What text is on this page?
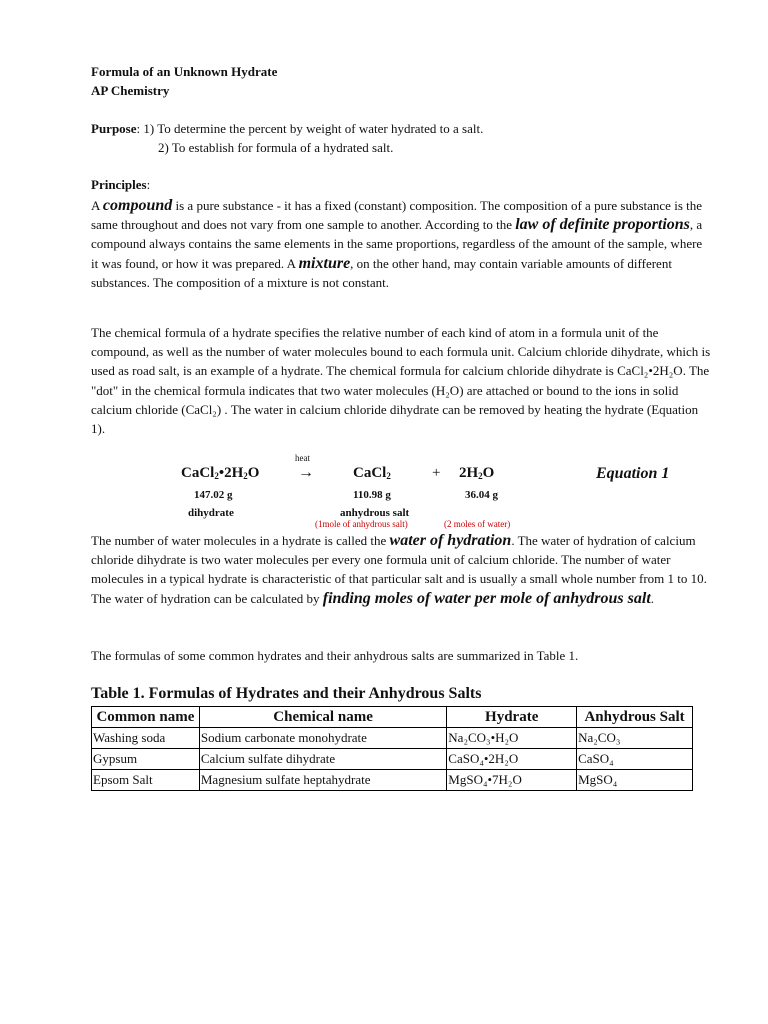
Formula of an Unknown Hydrate
AP Chemistry
Purpose: 1) To determine the percent by weight of water hydrated to a salt.
2) To establish for formula of a hydrated salt.
Principles:
A compound is a pure substance - it has a fixed (constant) composition. The composition of a pure substance is the same throughout and does not vary from one sample to another. According to the law of definite proportions, a compound always contains the same elements in the same proportions, regardless of the amount of the sample, where it was found, or how it was prepared. A mixture, on the other hand, may contain variable amounts of different substances. The composition of a mixture is not constant.
The chemical formula of a hydrate specifies the relative number of each kind of atom in a formula unit of the compound, as well as the number of water molecules bound to each formula unit. Calcium chloride dihydrate, which is used as road salt, is an example of a hydrate. The chemical formula for calcium chloride dihydrate is CaCl₂•2H₂O. The "dot" in the chemical formula indicates that two water molecules (H₂O) are attached or bound to the ions in solid calcium chloride (CaCl₂) . The water in calcium chloride dihydrate can be removed by heating the hydrate (Equation 1).
heat
$CaCl_2•2H_2O$ →	CaCl$_2$	+ $2H_2O$	Equation 1
147.02 g	110.98 g	36.04 g
dihydrate	anhydrous salt
(1mole of anhydrous salt)	(2 moles of water)
The number of water molecules in a hydrate is called the water of hydration. The water of hydration of calcium chloride dihydrate is two water molecules per every one formula unit of calcium chloride. The number of water molecules in a typical hydrate is characteristic of that particular salt and is usually a small whole number from 1 to 10. The water of hydration can be calculated by finding moles of water per mole of anhydrous salt.
The formulas of some common hydrates and their anhydrous salts are summarized in Table 1.
Table 1. Formulas of Hydrates and their Anhydrous Salts
Common name	Chemical name	Hydrate	Anhydrous Salt
Washing soda	Sodium carbonate monohydrate	Na₂CO₃•H₂O	Na₂CO₃
Gypsum	Calcium sulfate dihydrate	CaSO₄•2H₂O	CaSO₄
Epsom Salt	Magnesium sulfate heptahydrate	MgSO₄•7H₂O	MgSO₄
